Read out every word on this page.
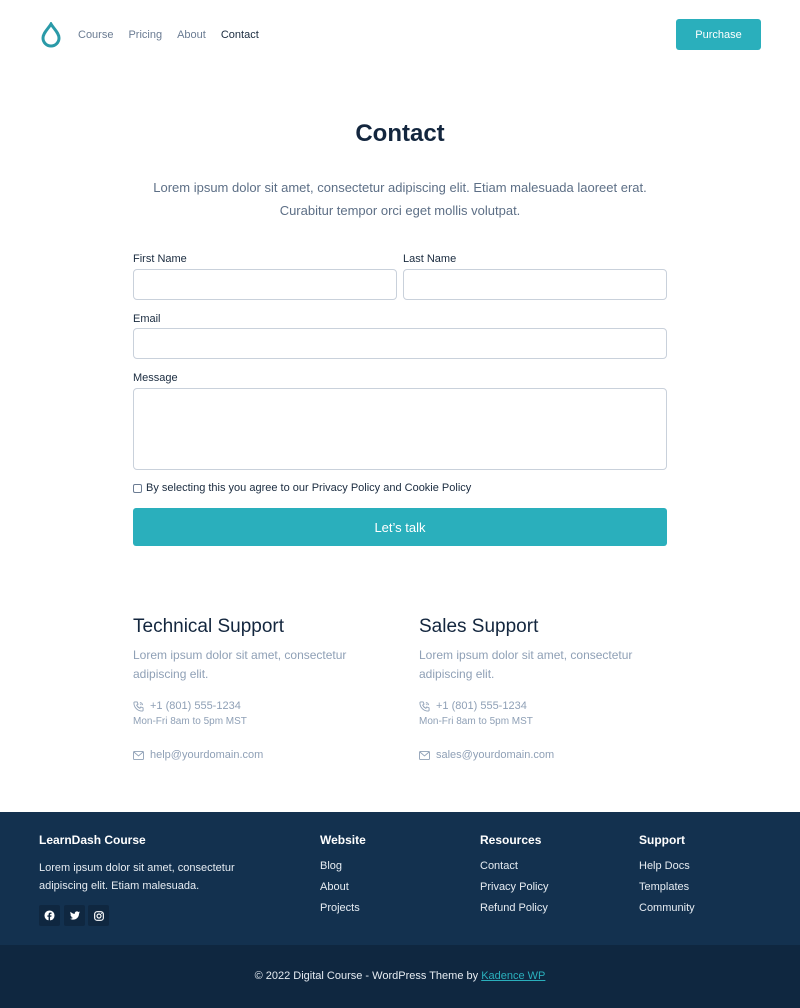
Course Pricing About Contact	Purchase
Contact

Lorem ipsum dolor sit amet, consectetur adipiscing elit. Etiam malesuada laoreet erat. Curabitur tempor orci eget mollis volutpat.

First Name	Last Name
Email
Message
By selecting this you agree to our Privacy Policy and Cookie Policy
Let’s talk
Technical Support

Lorem ipsum dolor sit amet, consectetur adipiscing elit.

+1 (801) 555-1234
Mon-Fri 8am to 5pm MST
help@yourdomain.com
Sales Support

Lorem ipsum dolor sit amet, consectetur adipiscing elit.

+1 (801) 555-1234
Mon-Fri 8am to 5pm MST
sales@yourdomain.com
LearnDash Course
Lorem ipsum dolor sit amet, consectetur adipiscing elit. Etiam malesuada.
Website
Blog
About
Projects
Resources
Contact
Privacy Policy
Refund Policy
Support
Help Docs
Templates
Community
© 2022 Digital Course - WordPress Theme by Kadence WP
